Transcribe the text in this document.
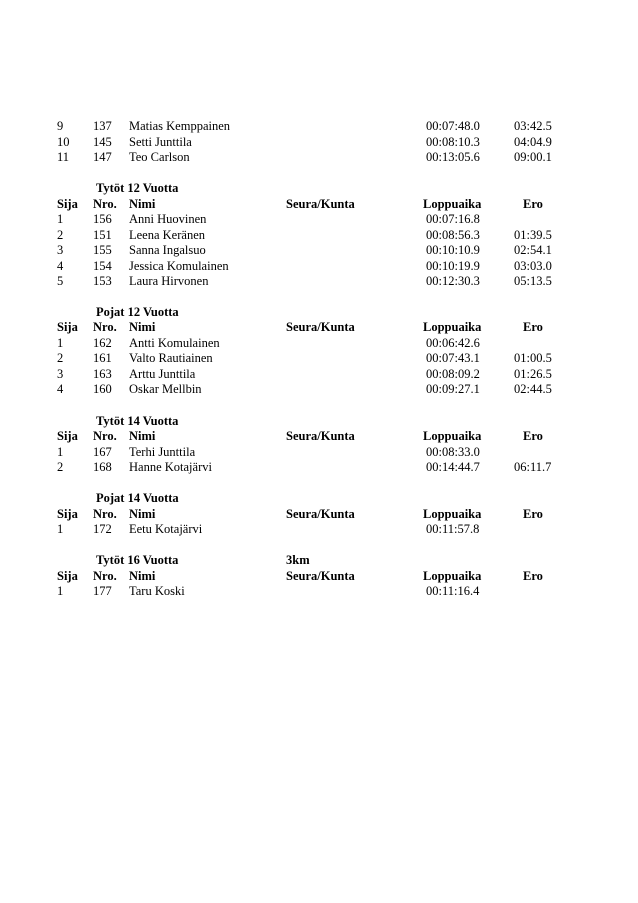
9 137 Matias Kemppainen	00:07:48.0	03:42.5
10 145 Setti Junttila	00:08:10.3	04:04.9
11 147 Teo Carlson	00:13:05.6	09:00.1
Tytöt 12 Vuotta
Sija Nro. Nimi	Seura/Kunta	Loppuaika	Ero
1 156 Anni Huovinen	00:07:16.8
2 151 Leena Keränen	00:08:56.3	01:39.5
3 155 Sanna Ingalsuo	00:10:10.9	02:54.1
4 154 Jessica Komulainen	00:10:19.9	03:03.0
5 153 Laura Hirvonen	00:12:30.3	05:13.5
Pojat 12 Vuotta
Sija Nro. Nimi	Seura/Kunta	Loppuaika	Ero
1 162 Antti Komulainen	00:06:42.6
2 161 Valto Rautiainen	00:07:43.1	01:00.5
3 163 Arttu Junttila	00:08:09.2	01:26.5
4 160 Oskar Mellbin	00:09:27.1	02:44.5
Tytöt 14 Vuotta
Sija Nro. Nimi	Seura/Kunta	Loppuaika	Ero
1 167 Terhi Junttila	00:08:33.0
2 168 Hanne Kotajärvi	00:14:44.7	06:11.7
Pojat 14 Vuotta
Sija Nro. Nimi	Seura/Kunta	Loppuaika	Ero
1 172 Eetu Kotajärvi	00:11:57.8
Tytöt 16 Vuotta	3km
Sija Nro. Nimi	Seura/Kunta	Loppuaika	Ero
1 177 Taru Koski	00:11:16.4
